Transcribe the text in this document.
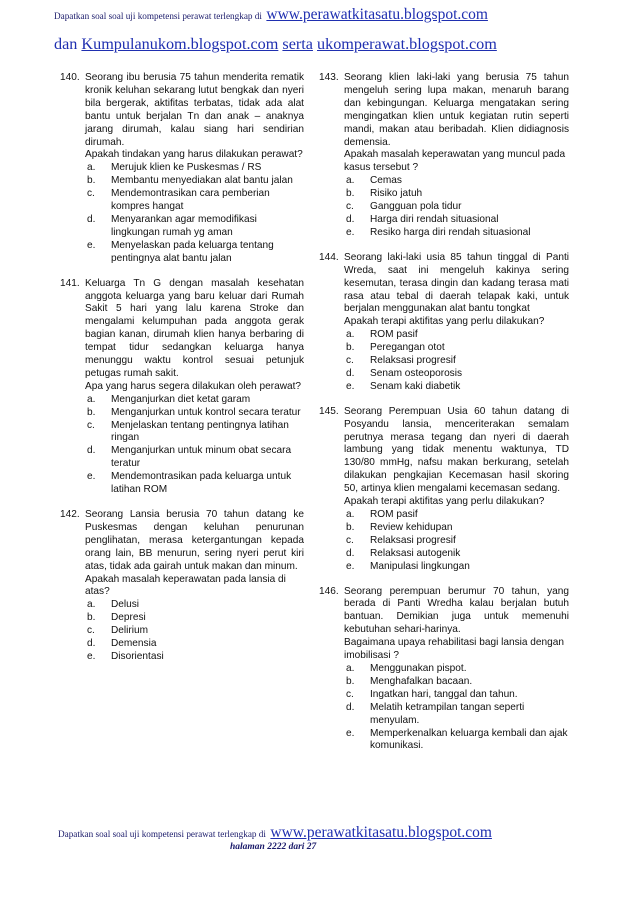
Dapatkan soal soal uji kompetensi perawat terlengkap di www.perawatkitasatu.blogspot.com
dan Kumpulanukom.blogspot.com serta ukomperawat.blogspot.com
140. Seorang ibu berusia 75 tahun menderita rematik kronik keluhan sekarang lutut bengkak dan nyeri bila bergerak, aktifitas terbatas, tidak ada alat bantu untuk berjalan Tn dan anak – anaknya jarang dirumah, kalau siang hari sendirian dirumah.
Apakah tindakan yang harus dilakukan perawat?
a.	Merujuk klien ke Puskesmas / RS
b.	Membantu menyediakan alat bantu jalan
c.	Mendemontrasikan cara pemberian kompres hangat
d.	Menyarankan agar memodifikasi lingkungan rumah yg aman
e.	Menyelaskan pada keluarga tentang pentingnya alat bantu jalan
141. Keluarga Tn G dengan masalah kesehatan anggota keluarga yang baru keluar dari Rumah Sakit 5 hari yang lalu karena Stroke dan mengalami kelumpuhan pada anggota gerak bagian kanan, dirumah klien hanya berbaring di tempat tidur sedangkan keluarga hanya menunggu waktu kontrol sesuai petunjuk petugas rumah sakit.
Apa yang harus segera dilakukan oleh perawat?
a.	Menganjurkan diet ketat garam
b.	Menganjurkan untuk kontrol secara teratur
c.	Menjelaskan tentang pentingnya latihan ringan
d.	Menganjurkan untuk minum obat secara teratur
e.	Mendemontrasikan pada keluarga untuk latihan ROM
142. Seorang Lansia berusia 70 tahun datang ke Puskesmas dengan keluhan penurunan penglihatan, merasa ketergantungan kepada orang lain, BB menurun, sering nyeri perut kiri atas, tidak ada gairah untuk makan dan minum.
Apakah masalah keperawatan pada lansia di atas?
a.	Delusi
b.	Depresi
c.	Delirium
d.	Demensia
e.	Disorientasi
143. Seorang klien laki-laki yang berusia 75 tahun mengeluh sering lupa makan, menaruh barang dan kebingungan. Keluarga mengatakan sering mengingatkan klien untuk kegiatan rutin seperti mandi, makan atau beribadah. Klien didiagnosis demensia.
Apakah masalah keperawatan yang muncul pada kasus tersebut ?
a.	Cemas
b.	Risiko jatuh
c.	Gangguan pola tidur
d.	Harga diri rendah situasional
e.	Resiko harga diri rendah situasional
144. Seorang laki-laki usia 85 tahun tinggal di Panti Wreda, saat ini mengeluh kakinya sering kesemutan, terasa dingin dan kadang terasa mati rasa atau tebal di daerah telapak kaki, untuk berjalan menggunakan alat bantu tongkat
Apakah terapi aktifitas yang perlu dilakukan?
a.	ROM pasif
b.	Peregangan otot
c.	Relaksasi progresif
d.	Senam osteoporosis
e.	Senam kaki diabetik
145. Seorang Perempuan Usia 60 tahun datang di Posyandu lansia, menceriterakan semalam perutnya merasa tegang dan nyeri di daerah lambung yang tidak menentu waktunya, TD 130/80 mmHg, nafsu makan berkurang, setelah dilakukan pengkajian Kecemasan hasil skoring 50, artinya klien mengalami kecemasan sedang.
Apakah terapi aktifitas yang perlu dilakukan?
a.	ROM pasif
b.	Review kehidupan
c.	Relaksasi progresif
d.	Relaksasi autogenik
e.	Manipulasi lingkungan
146. Seorang perempuan berumur 70 tahun, yang berada di Panti Wredha kalau berjalan butuh bantuan. Demikian juga untuk memenuhi kebutuhan sehari-harinya.
Bagaimana upaya rehabilitasi bagi lansia dengan imobilisasi ?
a.	Menggunakan pispot.
b.	Menghafalkan bacaan.
c.	Ingatkan hari, tanggal dan tahun.
d.	Melatih ketrampilan tangan seperti menyulam.
e.	Memperkenalkan keluarga kembali dan ajak komunikasi.
Dapatkan soal soal uji kompetensi perawat terlengkap di www.perawatkitasatu.blogspot.com
halaman 2222 dari 27
